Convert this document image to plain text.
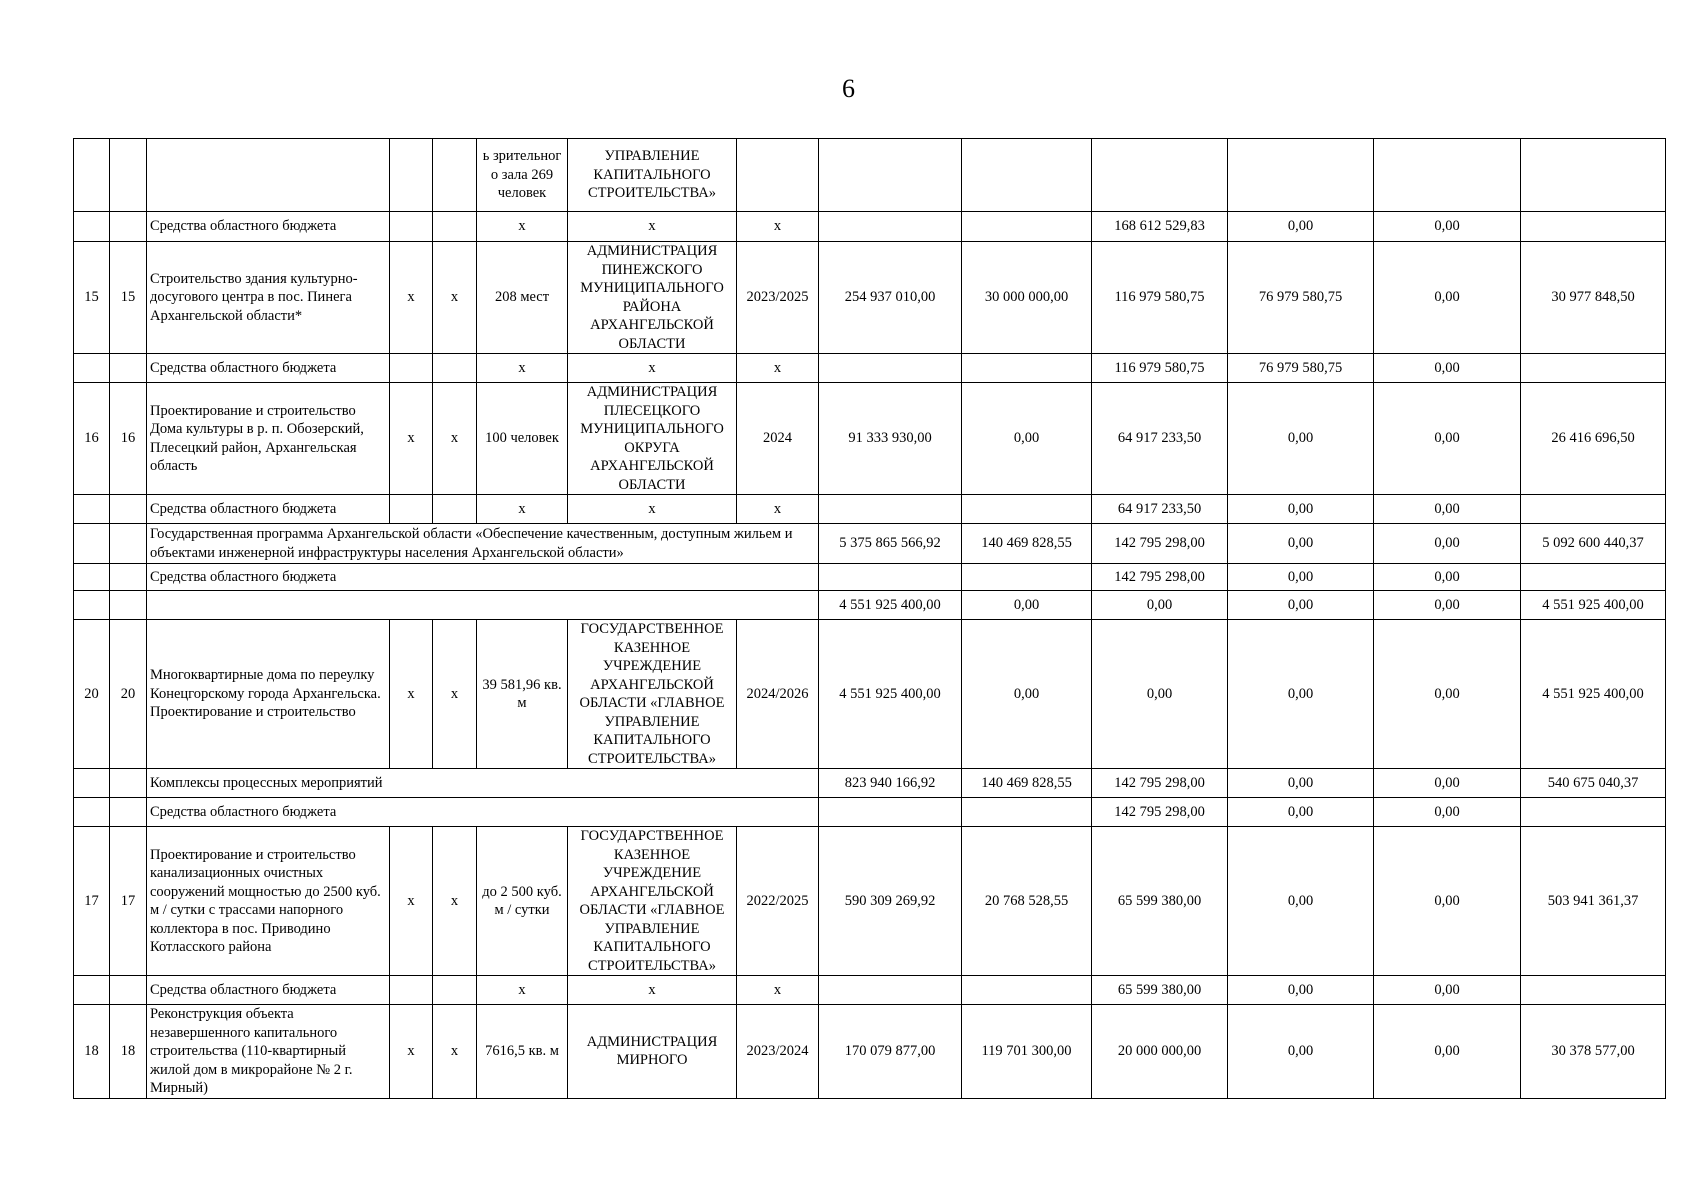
6
					ь зрительног о зала 269 человек	УПРАВЛЕНИЕ КАПИТАЛЬНОГО СТРОИТЕЛЬСТВА»							
		Средства областного бюджета			х	х	х			168 612 529,83	0,00	0,00	
15	15	Строительство здания культурно-досугового центра в пос. Пинега Архангельской области*	х	х	208 мест	АДМИНИСТРАЦИЯ ПИНЕЖСКОГО МУНИЦИПАЛЬНОГО РАЙОНА АРХАНГЕЛЬСКОЙ ОБЛАСТИ	2023/2025	254 937 010,00	30 000 000,00	116 979 580,75	76 979 580,75	0,00	30 977 848,50
		Средства областного бюджета			х	х	х			116 979 580,75	76 979 580,75	0,00	
16	16	Проектирование и строительство Дома культуры в р. п. Обозерский, Плесецкий район, Архангельская область	х	х	100 человек	АДМИНИСТРАЦИЯ ПЛЕСЕЦКОГО МУНИЦИПАЛЬНОГО ОКРУГА АРХАНГЕЛЬСКОЙ ОБЛАСТИ	2024	91 333 930,00	0,00	64 917 233,50	0,00	0,00	26 416 696,50
		Средства областного бюджета			х	х	х			64 917 233,50	0,00	0,00	
		Государственная программа Архангельской области «Обеспечение качественным, доступным жильем и объектами инженерной инфраструктуры населения Архангельской области»						5 375 865 566,92	140 469 828,55	142 795 298,00	0,00	0,00	5 092 600 440,37
		Средства областного бюджета								142 795 298,00	0,00	0,00	
								4 551 925 400,00	0,00	0,00	0,00	0,00	4 551 925 400,00
20	20	Многоквартирные дома по переулку Конецгорскому города Архангельска. Проектирование и строительство	х	х	39 581,96 кв. м	ГОСУДАРСТВЕННОЕ КАЗЕННОЕ УЧРЕЖДЕНИЕ АРХАНГЕЛЬСКОЙ ОБЛАСТИ «ГЛАВНОЕ УПРАВЛЕНИЕ КАПИТАЛЬНОГО СТРОИТЕЛЬСТВА»	2024/2026	4 551 925 400,00	0,00	0,00	0,00	0,00	4 551 925 400,00
		Комплексы процессных мероприятий						823 940 166,92	140 469 828,55	142 795 298,00	0,00	0,00	540 675 040,37
		Средства областного бюджета								142 795 298,00	0,00	0,00	
17	17	Проектирование и строительство канализационных очистных сооружений мощностью до 2500 куб. м / сутки с трассами напорного коллектора в пос. Приводино Котласского района	х	х	до 2 500 куб. м / сутки	ГОСУДАРСТВЕННОЕ КАЗЕННОЕ УЧРЕЖДЕНИЕ АРХАНГЕЛЬСКОЙ ОБЛАСТИ «ГЛАВНОЕ УПРАВЛЕНИЕ КАПИТАЛЬНОГО СТРОИТЕЛЬСТВА»	2022/2025	590 309 269,92	20 768 528,55	65 599 380,00	0,00	0,00	503 941 361,37
		Средства областного бюджета			х	х	х			65 599 380,00	0,00	0,00	
18	18	Реконструкция объекта незавершенного капитального строительства (110-квартирный жилой дом в микрорайоне № 2 г. Мирный)	х	х	7616,5 кв. м	АДМИНИСТРАЦИЯ МИРНОГО	2023/2024	170 079 877,00	119 701 300,00	20 000 000,00	0,00	0,00	30 378 577,00
